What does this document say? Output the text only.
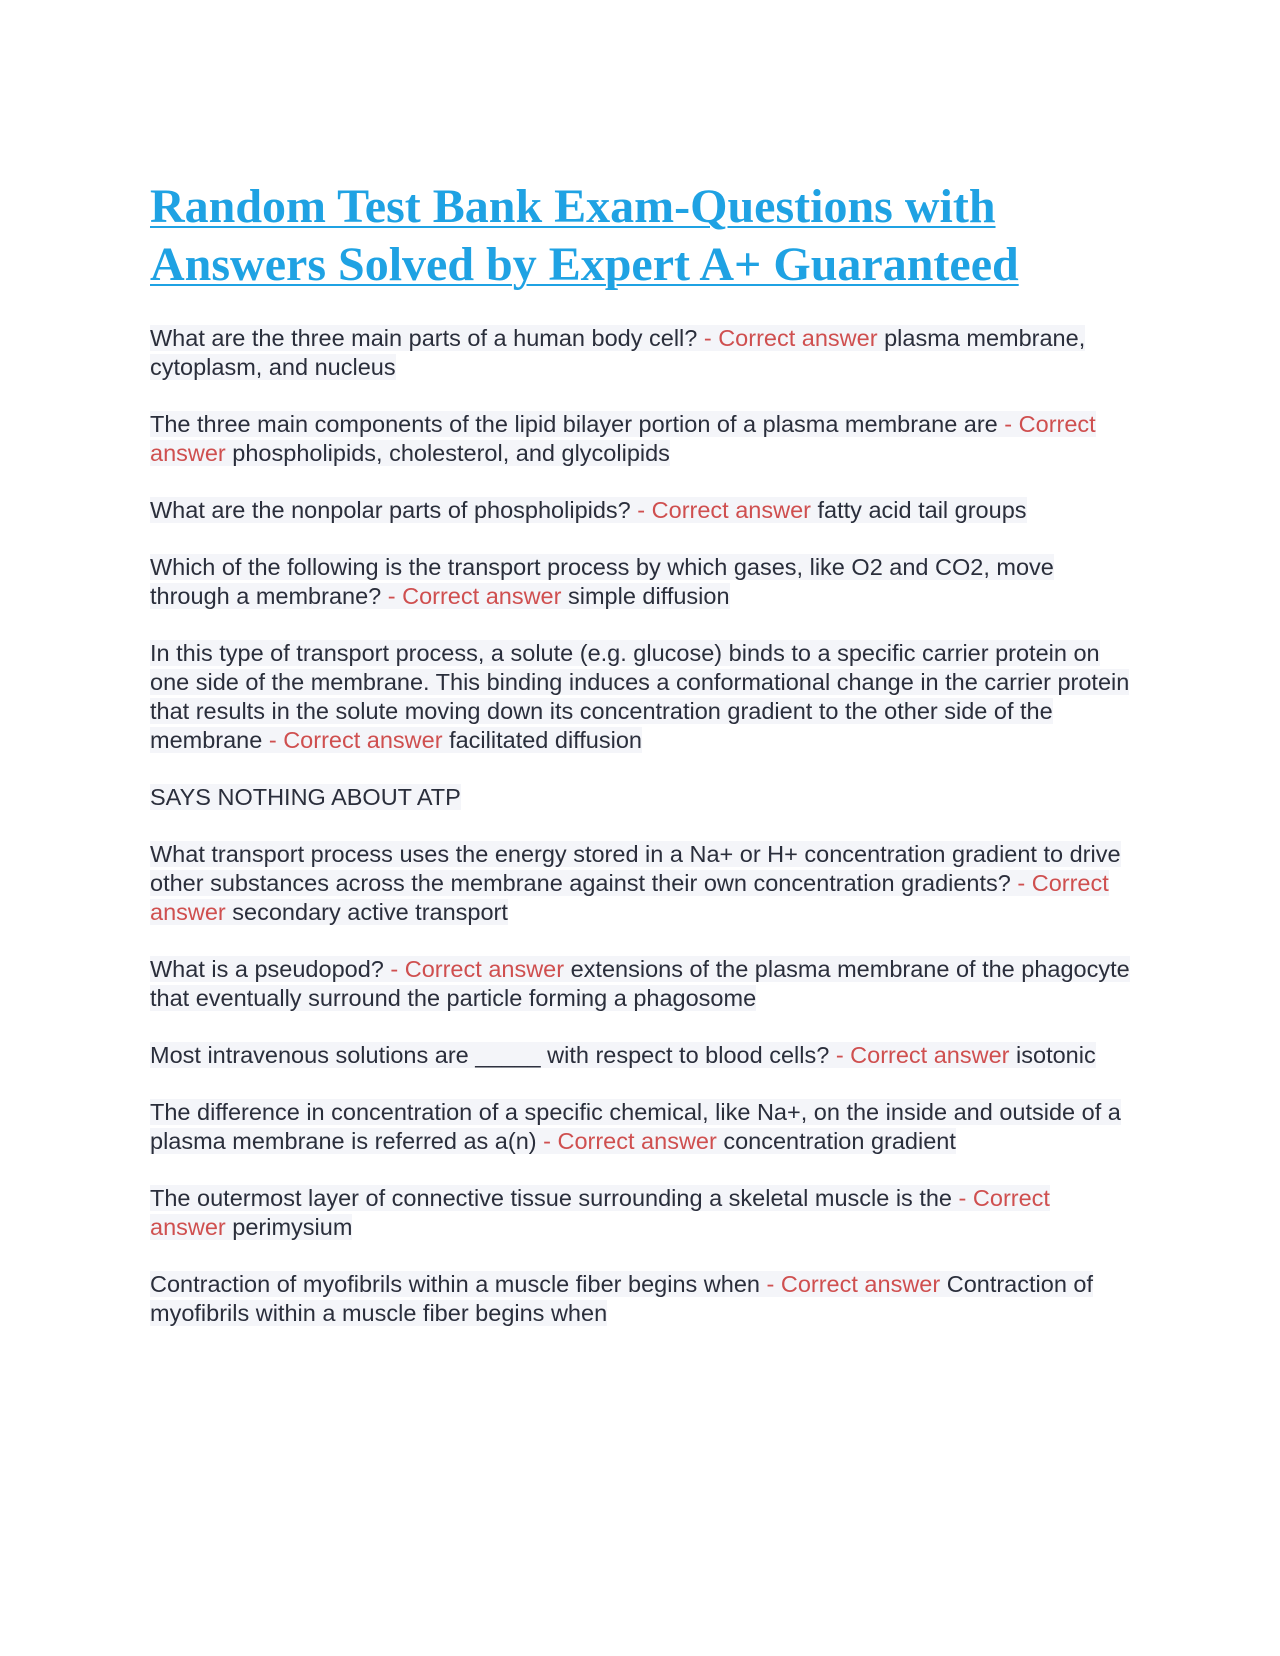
Random Test Bank Exam-Questions with Answers Solved by Expert A+ Guaranteed

What are the three main parts of a human body cell? - Correct answer plasma membrane, cytoplasm, and nucleus

The three main components of the lipid bilayer portion of a plasma membrane are - Correct answer phospholipids, cholesterol, and glycolipids

What are the nonpolar parts of phospholipids? - Correct answer fatty acid tail groups

Which of the following is the transport process by which gases, like O2 and CO2, move through a membrane? - Correct answer simple diffusion

In this type of transport process, a solute (e.g. glucose) binds to a specific carrier protein on one side of the membrane. This binding induces a conformational change in the carrier protein that results in the solute moving down its concentration gradient to the other side of the membrane - Correct answer facilitated diffusion

SAYS NOTHING ABOUT ATP

What transport process uses the energy stored in a Na+ or H+ concentration gradient to drive other substances across the membrane against their own concentration gradients? - Correct answer secondary active transport

What is a pseudopod? - Correct answer extensions of the plasma membrane of the phagocyte that eventually surround the particle forming a phagosome

Most intravenous solutions are _____ with respect to blood cells? - Correct answer isotonic

The difference in concentration of a specific chemical, like Na+, on the inside and outside of a plasma membrane is referred as a(n) - Correct answer concentration gradient

The outermost layer of connective tissue surrounding a skeletal muscle is the - Correct answer perimysium

Contraction of myofibrils within a muscle fiber begins when - Correct answer Contraction of myofibrils within a muscle fiber begins when
